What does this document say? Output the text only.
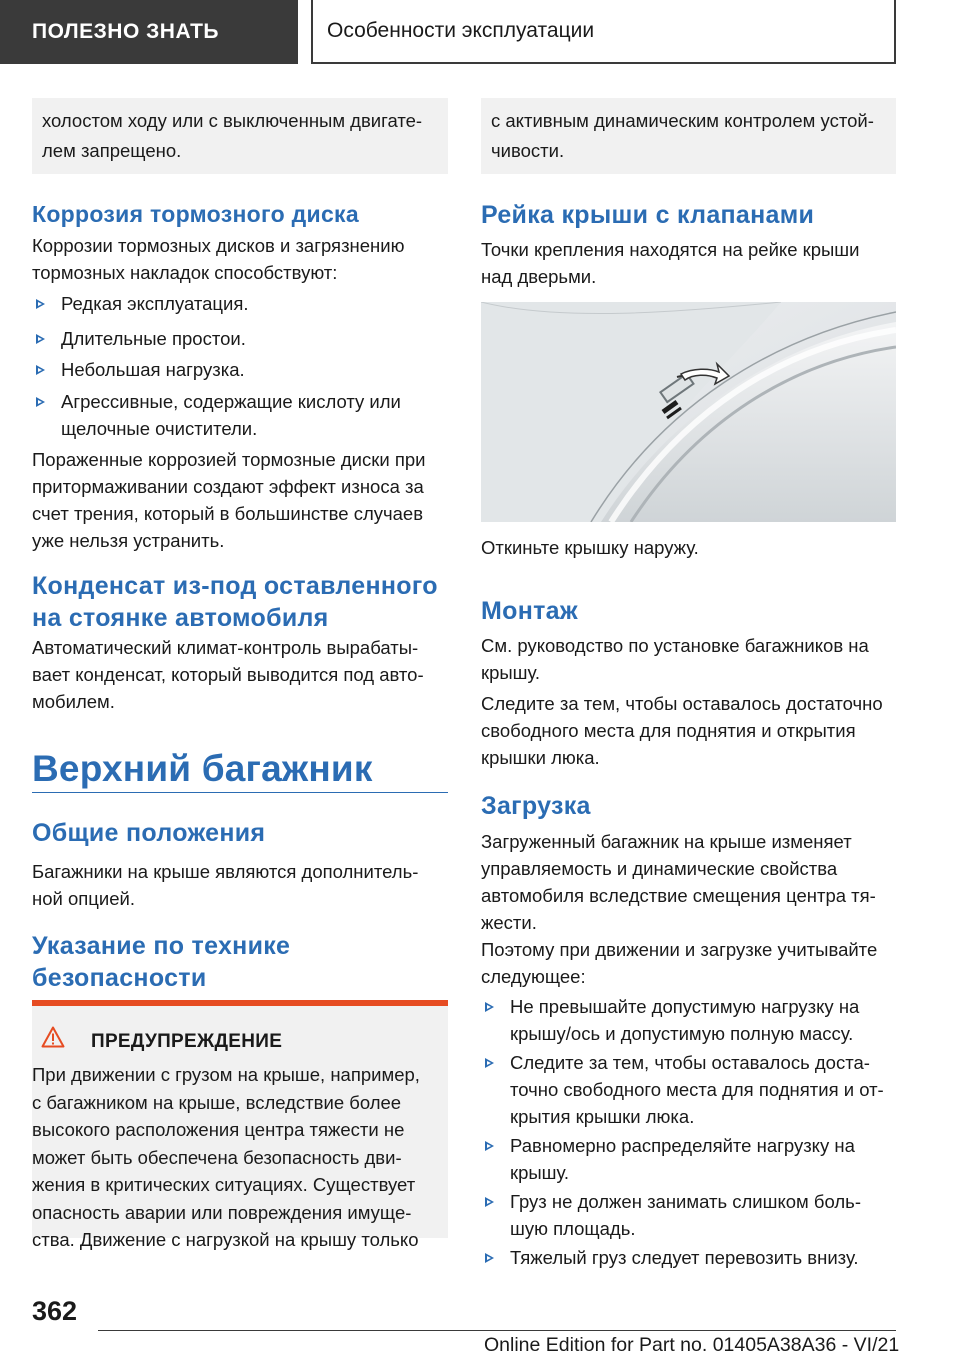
ПОЛЕЗНО ЗНАТЬ	Особенности эксплуатации
холостом ходу или с выключенным двигате-
лем запрещено.
Коррозия тормозного диска
Коррозии тормозных дисков и загрязнению
тормозных накладок способствуют:
Редкая эксплуатация.
Длительные простои.
Небольшая нагрузка.
Агрессивные, содержащие кислоту или
щелочные очистители.
Пораженные коррозией тормозные диски при
притормаживании создают эффект износа за
счет трения, который в большинстве случаев
уже нельзя устранить.
Конденсат из-под оставленного
на стоянке автомобиля
Автоматический климат-контроль вырабаты-
вает конденсат, который выводится под авто-
мобилем.
Верхний багажник
Общие положения
Багажники на крыше являются дополнитель-
ной опцией.
Указание по технике
безопасности
ПРЕДУПРЕЖДЕНИЕ
При движении с грузом на крыше, например,
с багажником на крыше, вследствие более
высокого расположения центра тяжести не
может быть обеспечена безопасность дви-
жения в критических ситуациях. Существует
опасность аварии или повреждения имуще-
ства. Движение с нагрузкой на крышу только
с активным динамическим контролем устой-
чивости.
Рейка крыши с клапанами
Точки крепления находятся на рейке крыши
над дверьми.
Откиньте крышку наружу.
Монтаж
См. руководство по установке багажников на
крышу.
Следите за тем, чтобы оставалось достаточно
свободного места для поднятия и открытия
крышки люка.
Загрузка
Загруженный багажник на крыше изменяет
управляемость и динамические свойства
автомобиля вследствие смещения центра тя-
жести.
Поэтому при движении и загрузке учитывайте
следующее:
Не превышайте допустимую нагрузку на
крышу/ось и допустимую полную массу.
Следите за тем, чтобы оставалось доста-
точно свободного места для поднятия и от-
крытия крышки люка.
Равномерно распределяйте нагрузку на
крышу.
Груз не должен занимать слишком боль-
шую площадь.
Тяжелый груз следует перевозить внизу.
362
Online Edition for Part no. 01405A38A36 - VI/21
